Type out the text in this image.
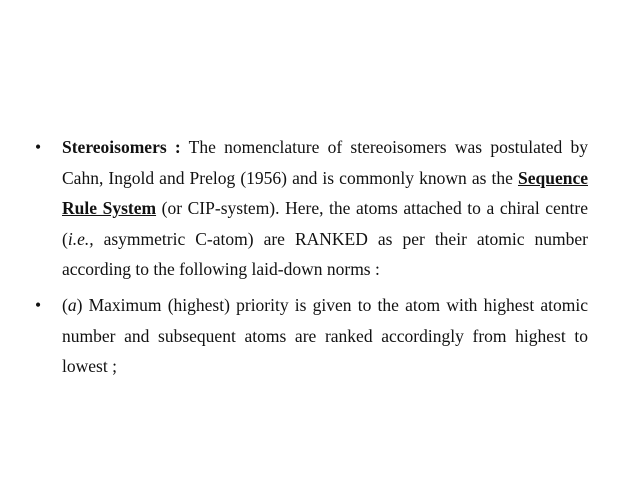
•	Stereoisomers : The nomenclature of stereoisomers was postulated by Cahn, Ingold and Prelog (1956) and is commonly known as the Sequence Rule System (or CIP-system). Here, the atoms attached to a chiral centre (i.e., asymmetric C-atom) are RANKED as per their atomic number according to the following laid-down norms :
•	(a) Maximum (highest) priority is given to the atom with highest atomic number and subsequent atoms are ranked accordingly from highest to lowest ;
